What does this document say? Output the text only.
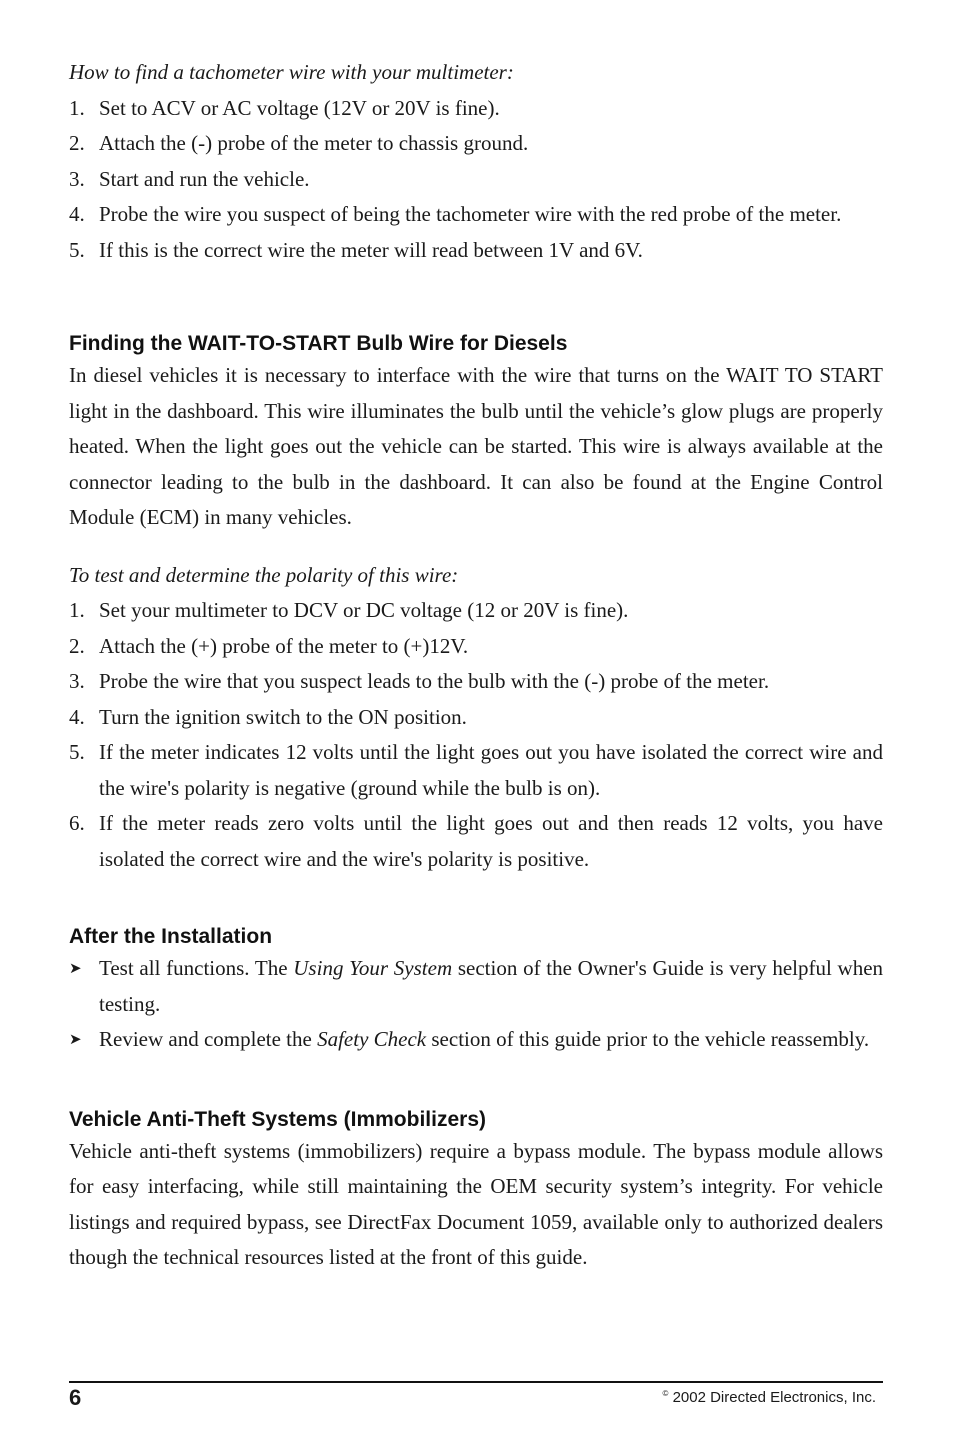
How to find a tachometer wire with your multimeter:

1. Set to ACV or AC voltage (12V or 20V is fine).
2. Attach the (-) probe of the meter to chassis ground.
3. Start and run the vehicle.
4. Probe the wire you suspect of being the tachometer wire with the red probe of the meter.
5. If this is the correct wire the meter will read between 1V and 6V.
Finding the WAIT-TO-START Bulb Wire for Diesels

In diesel vehicles it is necessary to interface with the wire that turns on the WAIT TO START light in the dashboard. This wire illuminates the bulb until the vehicle’s glow plugs are properly heated. When the light goes out the vehicle can be started. This wire is always available at the connector leading to the bulb in the dashboard. It can also be found at the Engine Control Module (ECM) in many vehicles.

To test and determine the polarity of this wire:

1. Set your multimeter to DCV or DC voltage (12 or 20V is fine).
2. Attach the (+) probe of the meter to (+)12V.
3. Probe the wire that you suspect leads to the bulb with the (-) probe of the meter.
4. Turn the ignition switch to the ON position.
5. If the meter indicates 12 volts until the light goes out you have isolated the correct wire and the wire's polarity is negative (ground while the bulb is on).
6. If the meter reads zero volts until the light goes out and then reads 12 volts, you have isolated the correct wire and the wire's polarity is positive.
After the Installation
➤ Test all functions. The Using Your System section of the Owner's Guide is very helpful when testing.
➤ Review and complete the Safety Check section of this guide prior to the vehicle reassembly.
Vehicle Anti-Theft Systems (Immobilizers)

Vehicle anti-theft systems (immobilizers) require a bypass module. The bypass module allows for easy interfacing, while still maintaining the OEM security system’s integrity. For vehicle listings and required bypass, see DirectFax Document 1059, available only to authorized dealers though the technical resources listed at the front of this guide.

6	© 2002 Directed Electronics, Inc.
